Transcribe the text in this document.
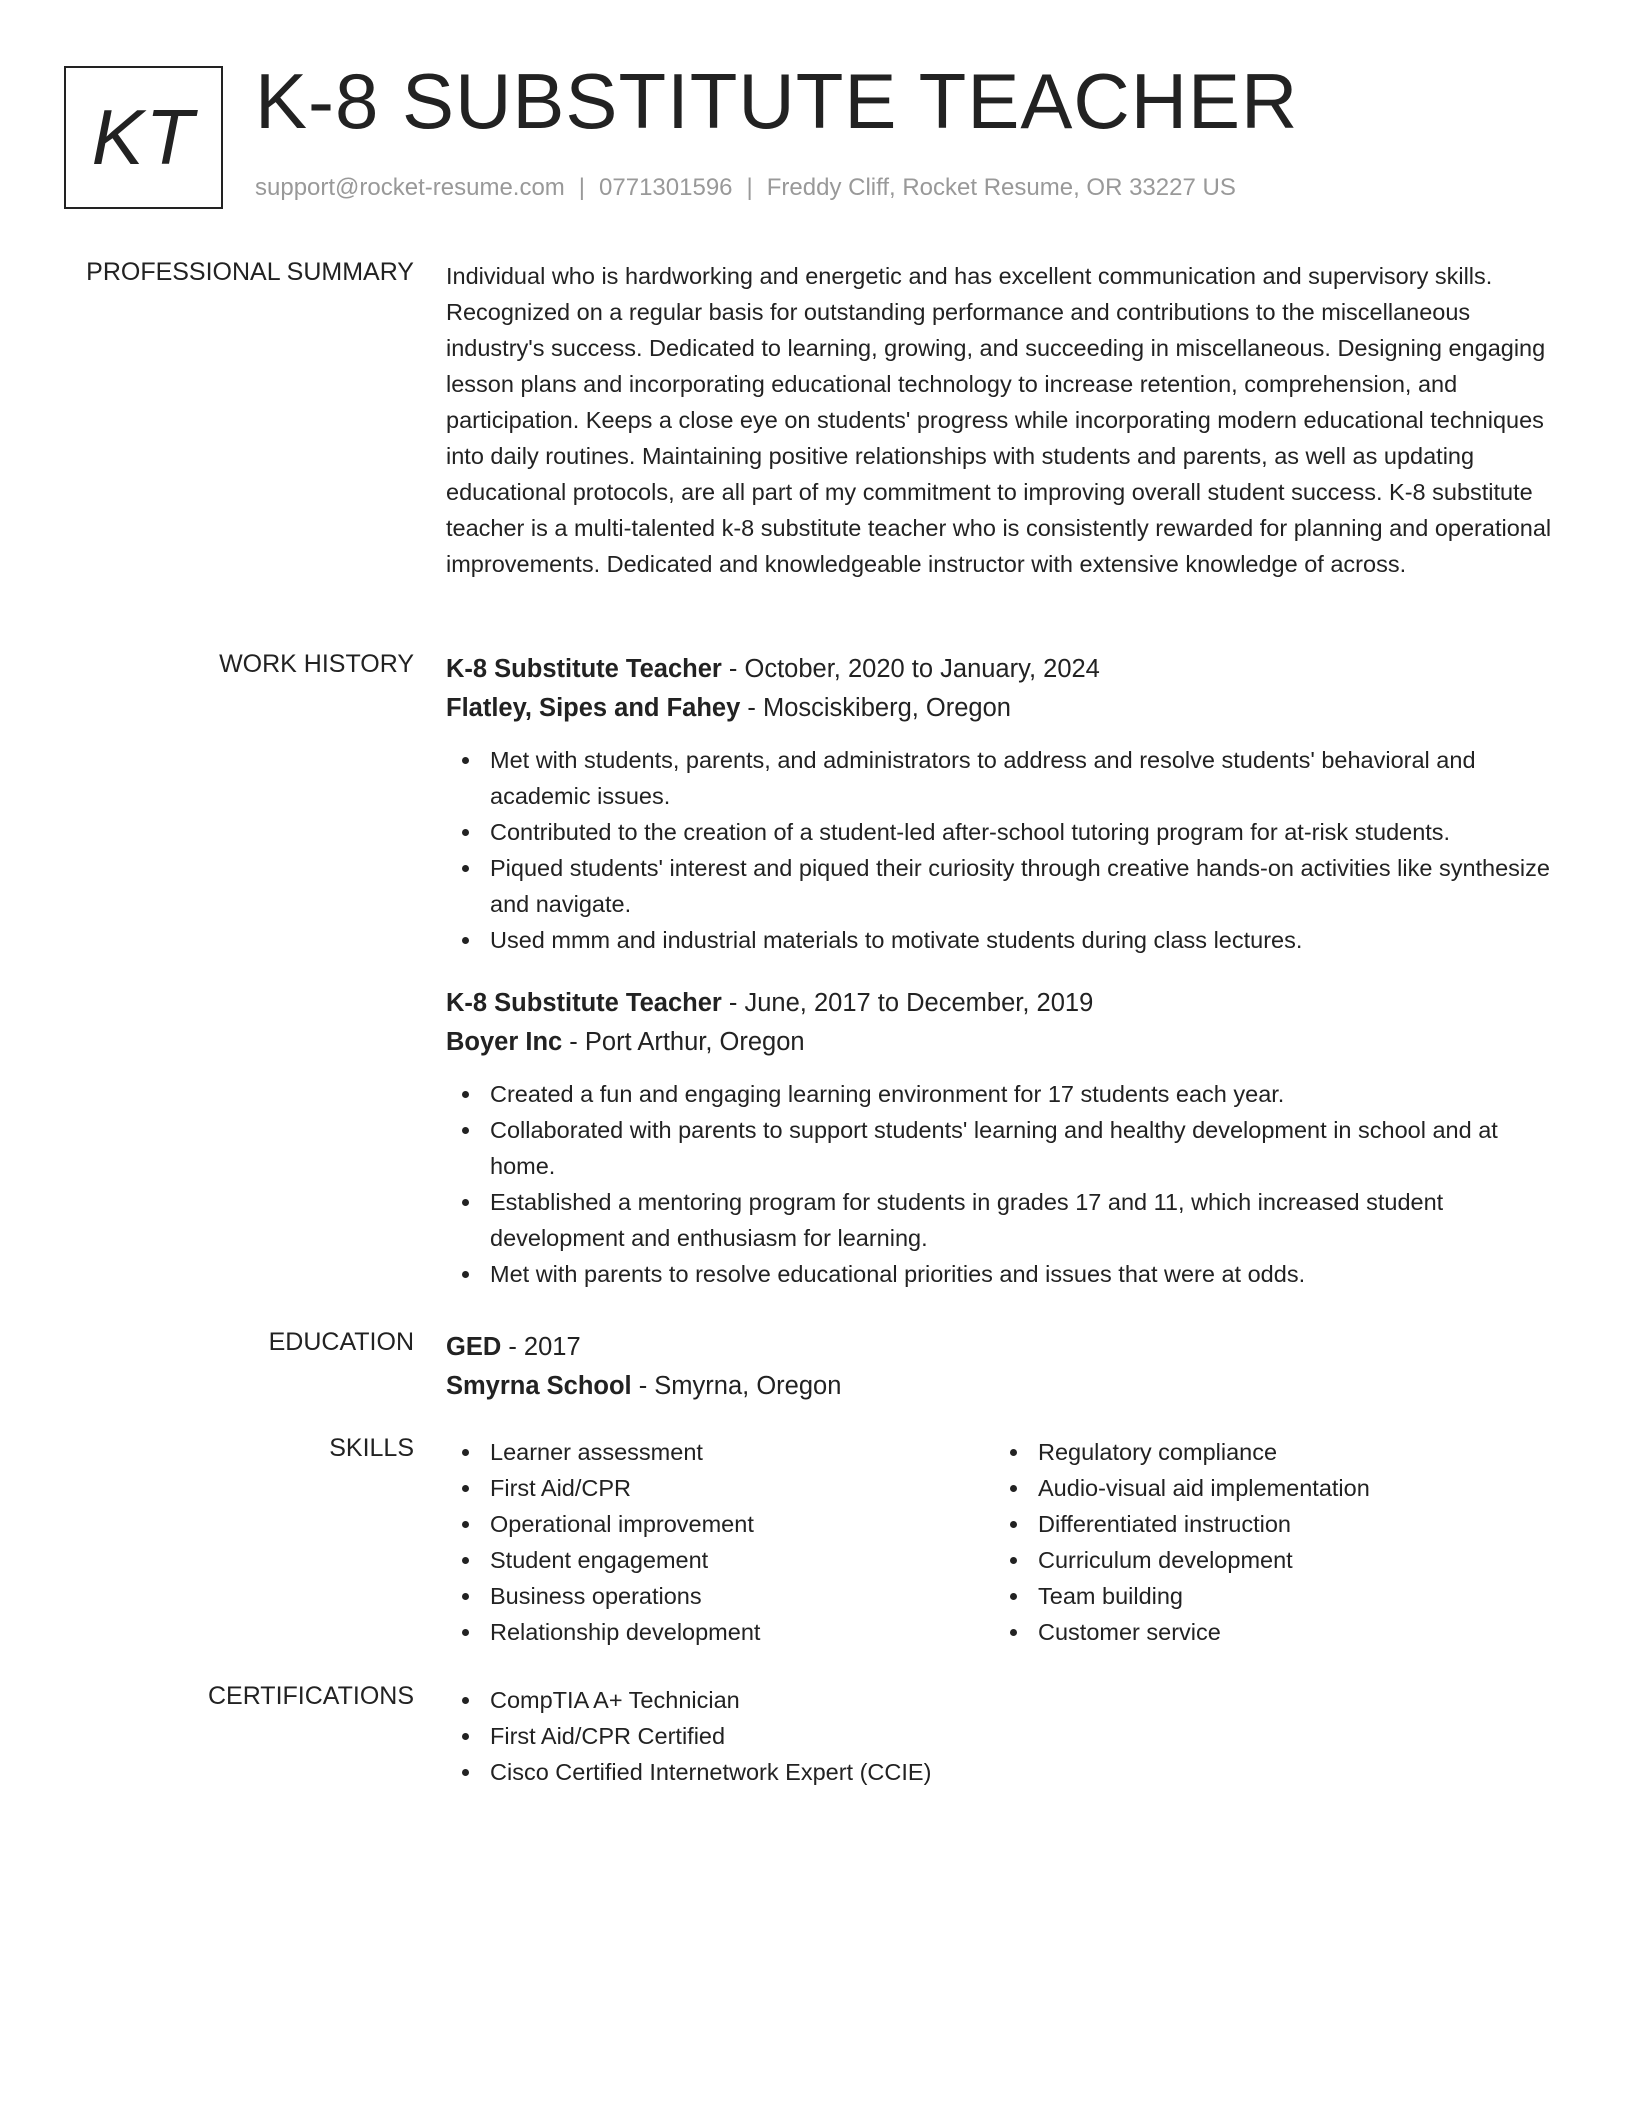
KT K-8 SUBSTITUTE TEACHER
support@rocket-resume.com | 0771301596 | Freddy Cliff, Rocket Resume, OR 33227 US
PROFESSIONAL SUMMARY Individual who is hardworking and energetic and has excellent communication and supervisory skills. Recognized on a regular basis for outstanding performance and contributions to the miscellaneous industry's success. Dedicated to learning, growing, and succeeding in miscellaneous. Designing engaging lesson plans and incorporating educational technology to increase retention, comprehension, and participation. Keeps a close eye on students' progress while incorporating modern educational techniques into daily routines. Maintaining positive relationships with students and parents, as well as updating educational protocols, are all part of my commitment to improving overall student success. K-8 substitute teacher is a multi-talented k-8 substitute teacher who is consistently rewarded for planning and operational improvements. Dedicated and knowledgeable instructor with extensive knowledge of across.

WORK HISTORY K-8 Substitute Teacher - October, 2020 to January, 2024
Flatley, Sipes and Fahey - Mosciskiberg, Oregon
Met with students, parents, and administrators to address and resolve students' behavioral and academic issues.
Contributed to the creation of a student-led after-school tutoring program for at-risk students.
Piqued students' interest and piqued their curiosity through creative hands-on activities like synthesize and navigate.
Used mmm and industrial materials to motivate students during class lectures.
K-8 Substitute Teacher - June, 2017 to December, 2019
Boyer Inc - Port Arthur, Oregon
Created a fun and engaging learning environment for 17 students each year.
Collaborated with parents to support students' learning and healthy development in school and at home.
Established a mentoring program for students in grades 17 and 11, which increased student development and enthusiasm for learning.
Met with parents to resolve educational priorities and issues that were at odds.
EDUCATION GED - 2017
Smyrna School - Smyrna, Oregon
SKILLS	Learner assessment
First Aid/CPR
Operational improvement
Student engagement
Business operations
Relationship development
Regulatory compliance
Audio-visual aid implementation
Differentiated instruction
Curriculum development
Team building
Customer service
CERTIFICATIONS	CompTIA A+ Technician
First Aid/CPR Certified
Cisco Certified Internetwork Expert (CCIE)
